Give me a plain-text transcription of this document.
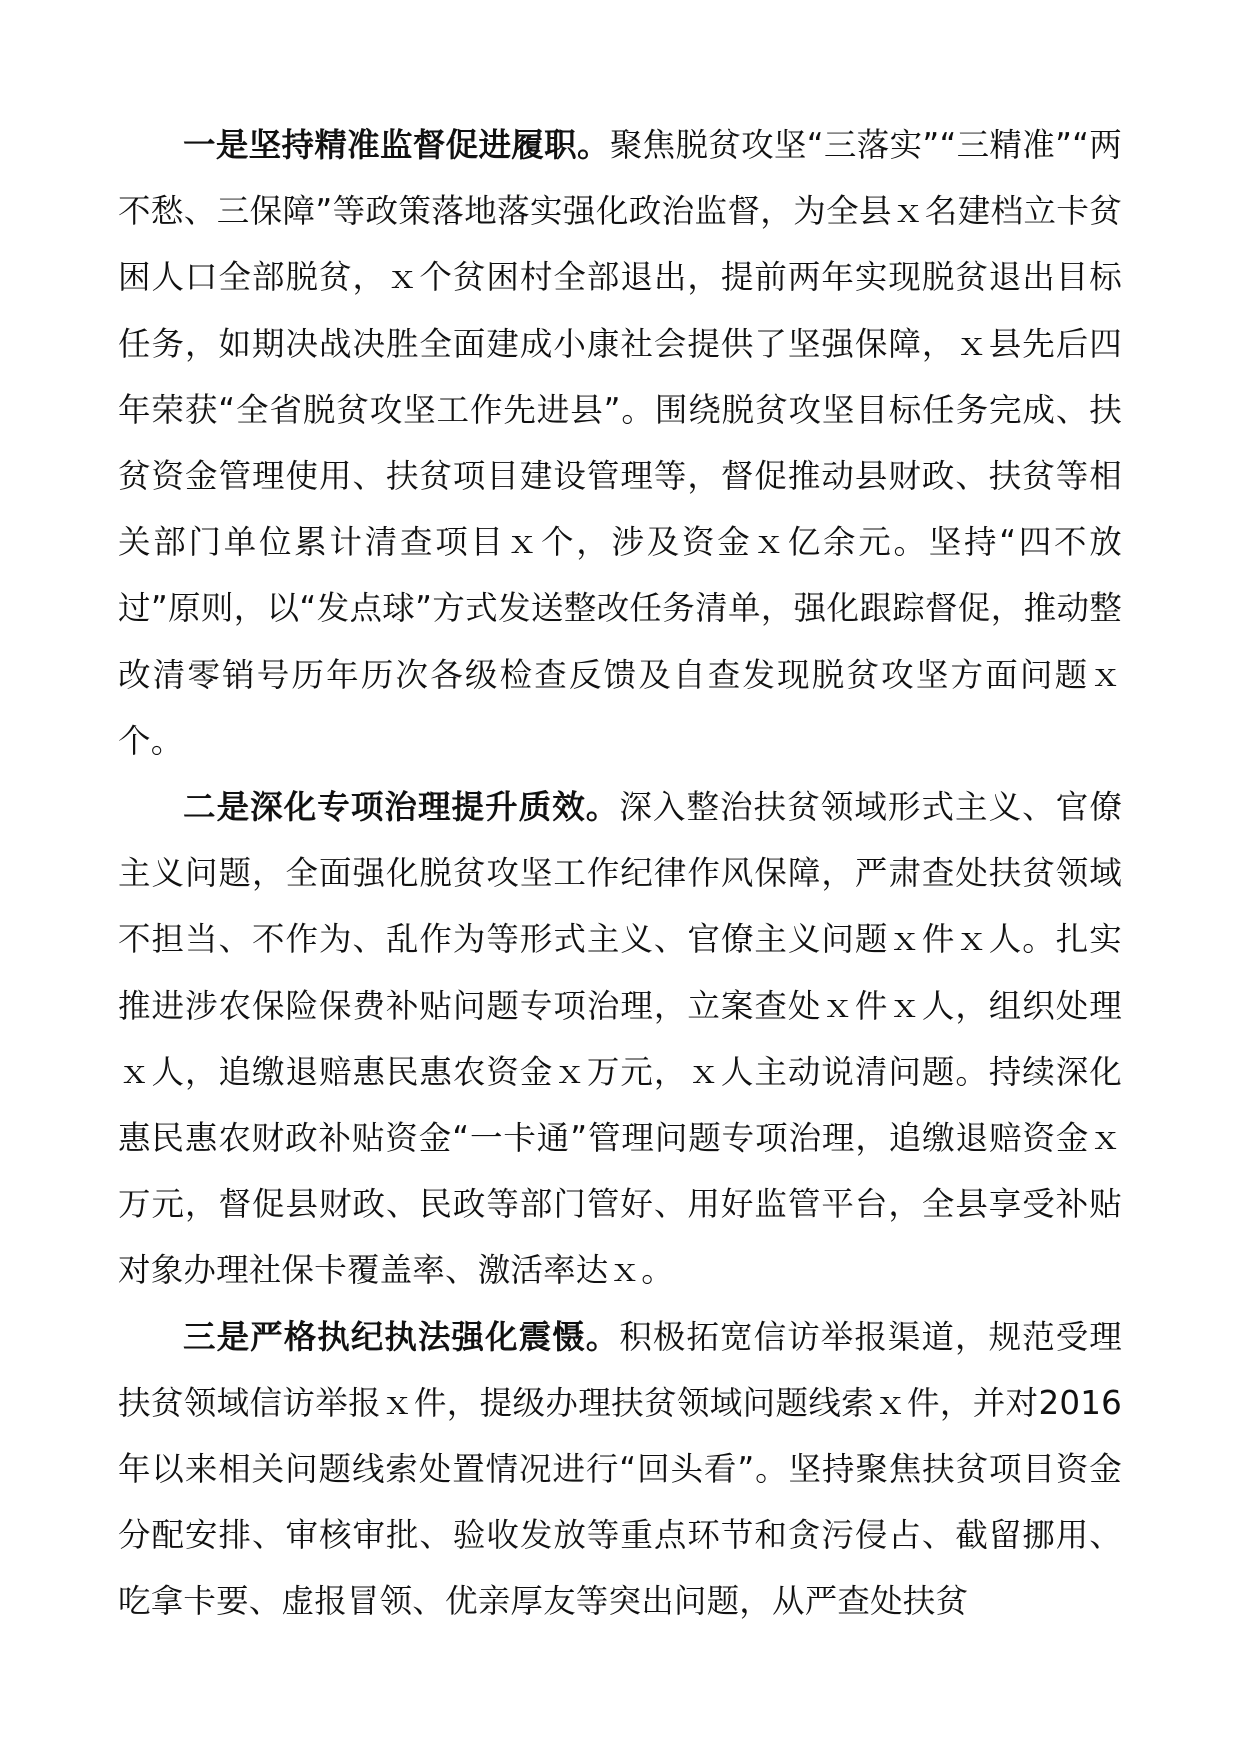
一是坚持精准监督促进履职。聚焦脱贫攻坚“三落实”“三精准”“两不愁、三保障”等政策落地落实强化政治监督，为全县ｘ名建档立卡贫困人口全部脱贫，ｘ个贫困村全部退出，提前两年实现脱贫退出目标任务，如期决战决胜全面建成小康社会提供了坚强保障，ｘ县先后四年荣获“全省脱贫攻坚工作先进县”。围绕脱贫攻坚目标任务完成、扶贫资金管理使用、扶贫项目建设管理等，督促推动县财政、扶贫等相关部门单位累计清查项目ｘ个，涉及资金ｘ亿余元。坚持“四不放过”原则，以“发点球”方式发送整改任务清单，强化跟踪督促，推动整改清零销号历年历次各级检查反馈及自查发现脱贫攻坚方面问题ｘ个。

二是深化专项治理提升质效。深入整治扶贫领域形式主义、官僚主义问题，全面强化脱贫攻坚工作纪律作风保障，严肃查处扶贫领域不担当、不作为、乱作为等形式主义、官僚主义问题ｘ件ｘ人。扎实推进涉农保险保费补贴问题专项治理，立案查处ｘ件ｘ人，组织处理ｘ人，追缴退赔惠民惠农资金ｘ万元，ｘ人主动说清问题。持续深化惠民惠农财政补贴资金“一卡通”管理问题专项治理，追缴退赔资金ｘ万元，督促县财政、民政等部门管好、用好监管平台，全县享受补贴对象办理社保卡覆盖率、激活率达ｘ。

三是严格执纪执法强化震慑。积极拓宽信访举报渠道，规范受理扶贫领域信访举报ｘ件，提级办理扶贫领域问题线索ｘ件，并对2016年以来相关问题线索处置情况进行“回头看”。坚持聚焦扶贫项目资金分配安排、审核审批、验收发放等重点环节和贪污侵占、截留挪用、吃拿卡要、虚报冒领、优亲厚友等突出问题，从严查处扶贫
